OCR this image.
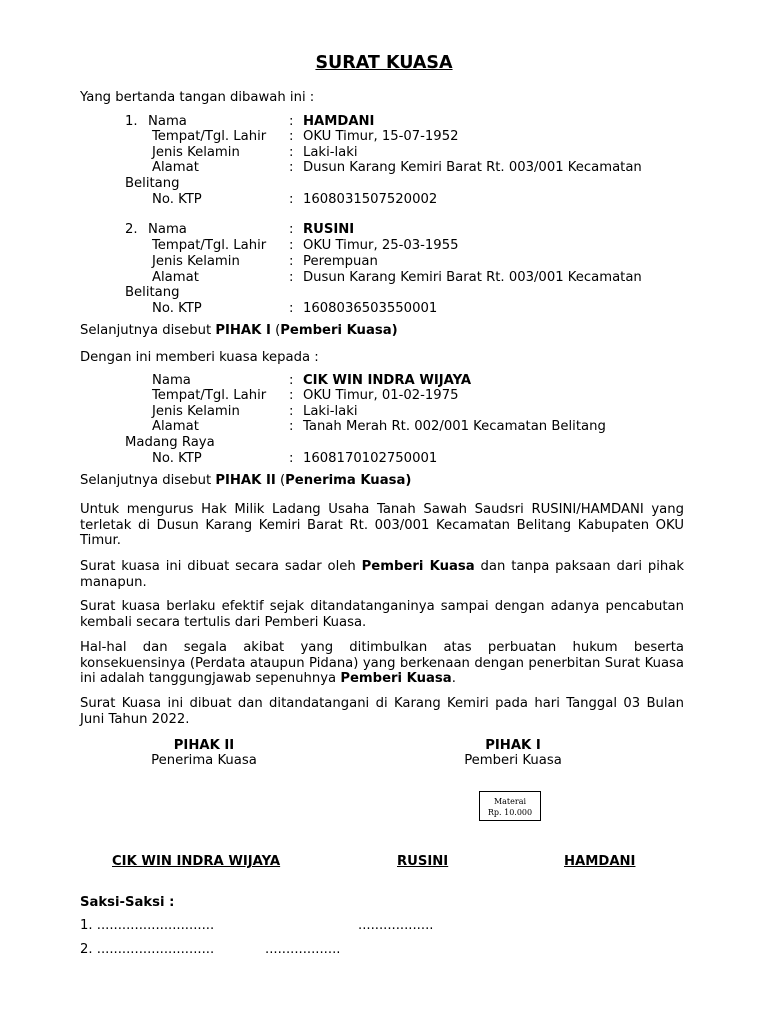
SURAT KUASA
Yang bertanda tangan dibawah ini :
1. Nama	: HAMDANI
Tempat/Tgl. Lahir : OKU Timur, 15-07-1952
Jenis Kelamin	: Laki-laki
Alamat	: Dusun Karang Kemiri Barat Rt. 003/001 Kecamatan
Belitang
No. KTP	: 1608031507520002
2. Nama	: RUSINI
Tempat/Tgl. Lahir : OKU Timur, 25-03-1955
Jenis Kelamin	: Perempuan
Alamat	: Dusun Karang Kemiri Barat Rt. 003/001 Kecamatan
Belitang
No. KTP	: 1608036503550001
Selanjutnya disebut PIHAK I (Pemberi Kuasa)
Dengan ini memberi kuasa kepada :
Nama	: CIK WIN INDRA WIJAYA
Tempat/Tgl. Lahir : OKU Timur, 01-02-1975
Jenis Kelamin	: Laki-laki
Alamat	: Tanah Merah Rt. 002/001 Kecamatan Belitang
Madang Raya
No. KTP	: 1608170102750001
Selanjutnya disebut PIHAK II (Penerima Kuasa)
Untuk mengurus Hak Milik Ladang Usaha Tanah Sawah Saudsri RUSINI/HAMDANI yang terletak di Dusun Karang Kemiri Barat Rt. 003/001 Kecamatan Belitang Kabupaten OKU Timur.
Surat kuasa ini dibuat secara sadar oleh Pemberi Kuasa dan tanpa paksaan dari pihak manapun.
Surat kuasa berlaku efektif sejak ditandatanganinya sampai dengan adanya pencabutan kembali secara tertulis dari Pemberi Kuasa.
Hal-hal dan segala akibat yang ditimbulkan atas perbuatan hukum beserta konsekuensinya (Perdata ataupun Pidana) yang berkenaan dengan penerbitan Surat Kuasa ini adalah tanggungjawab sepenuhnya Pemberi Kuasa.
Surat Kuasa ini dibuat dan ditandatangani di Karang Kemiri pada hari Tanggal 03 Bulan Juni Tahun 2022.
PIHAK II
Penerima Kuasa
PIHAK I
Pemberi Kuasa
Materai
Rp. 10.000
CIK WIN INDRA WIJAYA	RUSINI	HAMDANI
Saksi-Saksi :
1. ............................	..................
2. ............................	..................
